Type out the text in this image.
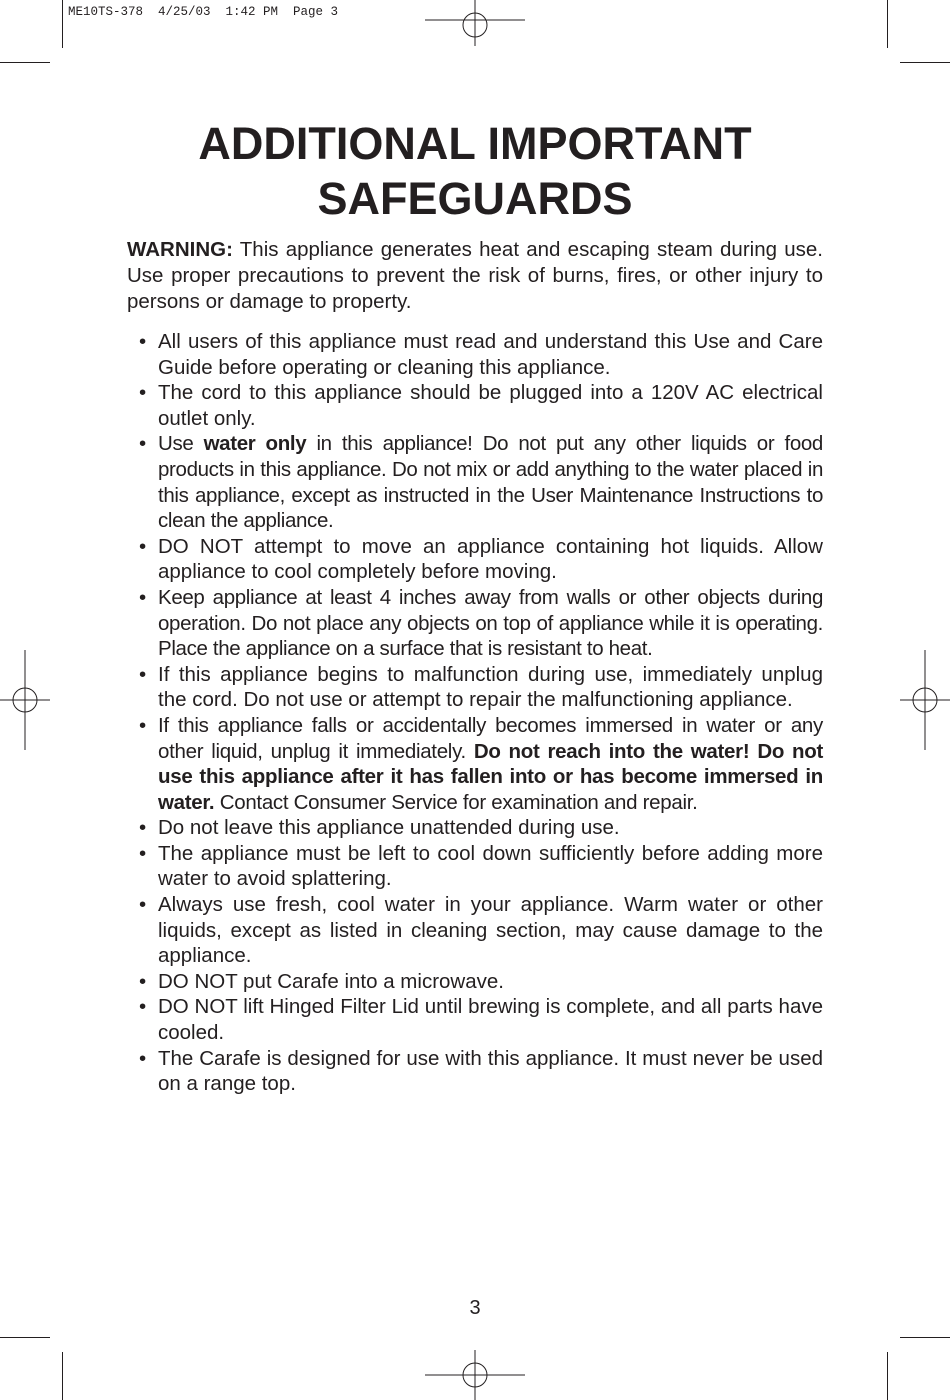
ME10TS-378  4/25/03  1:42 PM  Page 3
ADDITIONAL IMPORTANT
SAFEGUARDS

WARNING: This appliance generates heat and escaping steam during use. Use proper precautions to prevent the risk of burns, fires, or other injury to persons or damage to property.

• All users of this appliance must read and understand this Use and Care Guide before operating or cleaning this appliance.
• The cord to this appliance should be plugged into a 120V AC electrical outlet only.
• Use water only in this appliance! Do not put any other liquids or food products in this appliance. Do not mix or add anything to the water placed in this appliance, except as instructed in the User Maintenance Instructions to clean the appliance.
• DO NOT attempt to move an appliance containing hot liquids. Allow appliance to cool completely before moving.
• Keep appliance at least 4 inches away from walls or other objects during operation. Do not place any objects on top of appliance while it is operating. Place the appliance on a surface that is resistant to heat.
• If this appliance begins to malfunction during use, immediately unplug the cord. Do not use or attempt to repair the malfunctioning appliance.
• If this appliance falls or accidentally becomes immersed in water or any other liquid, unplug it immediately. Do not reach into the water! Do not use this appliance after it has fallen into or has become immersed in water. Contact Consumer Service for examination and repair.
• Do not leave this appliance unattended during use.
• The appliance must be left to cool down sufficiently before adding more water to avoid splattering.
• Always use fresh, cool water in your appliance. Warm water or other liquids, except as listed in cleaning section, may cause damage to the appliance.
• DO NOT put Carafe into a microwave.
• DO NOT lift Hinged Filter Lid until brewing is complete, and all parts have cooled.
• The Carafe is designed for use with this appliance. It must never be used on a range top.
3
